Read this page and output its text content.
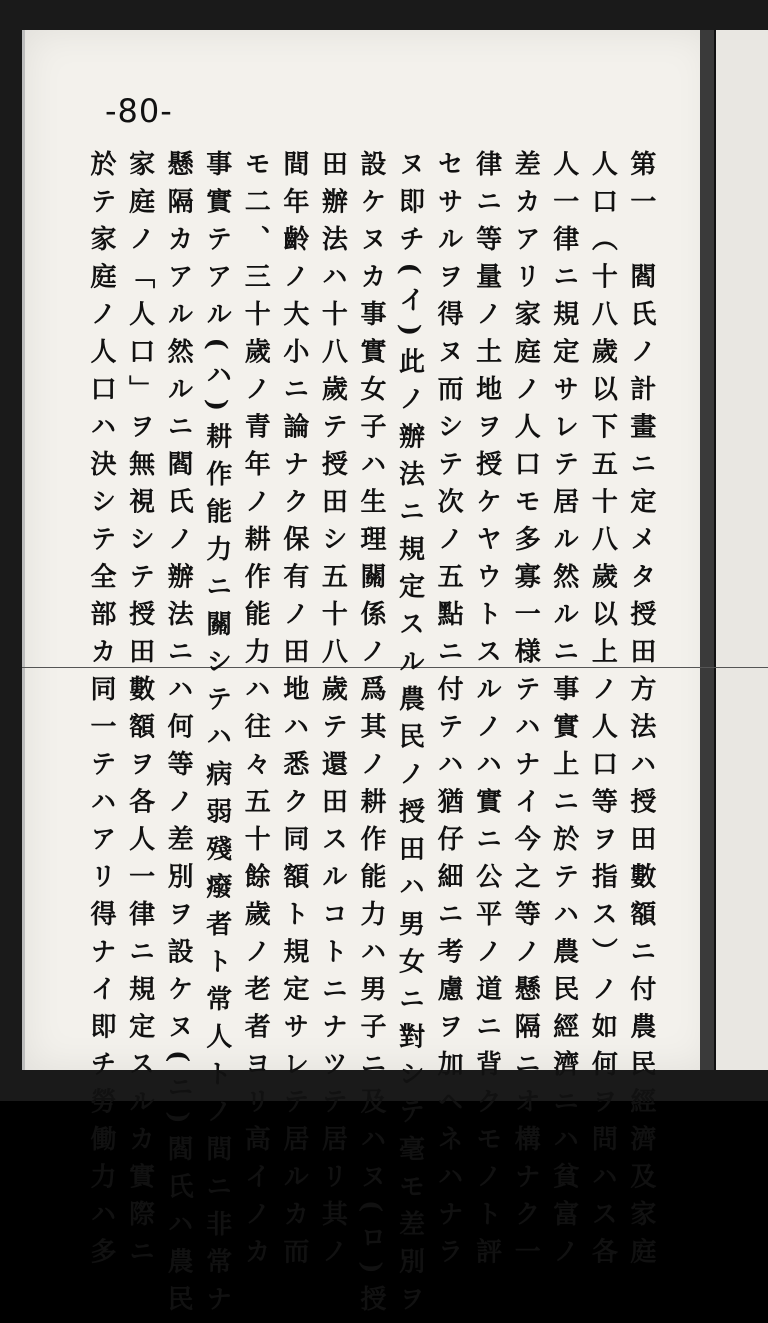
-80-
第一　閻氏ノ計畫ニ定メタ授田方法ハ授田數額ニ付農民經濟及家庭
人口（十八歲以下五十八歲以上ノ人口等ヲ指ス）ノ如何ヲ問ハス各
人一律ニ規定サレテ居ル然ルニ事實上ニ於テハ農民經濟ニハ貧富ノ
差カアリ家庭ノ人口モ多寡一様テハナイ今之等ノ懸隔ニオ構ナク一
律ニ等量ノ土地ヲ授ケヤウトスルノハ實ニ公平ノ道ニ背クモノト評
セサルヲ得ヌ而シテ次ノ五點ニ付テハ猶仔細ニ考慮ヲ加ヘネハナラ
ヌ即チ(イ)此ノ辦法ニ規定スル農民ノ授田ハ男女ニ對シテ毫モ差別ヲ
設ケヌカ事實女子ハ生理關係ノ爲其ノ耕作能力ハ男子ニ及ハヌ(ロ)授
田辦法ハ十八歲テ授田シ五十八歲テ還田スルコトニナツテ居リ其ノ
間年齡ノ大小ニ論ナク保有ノ田地ハ悉ク同額ト規定サレテ居ルカ而
モ二、三十歲ノ青年ノ耕作能力ハ往々五十餘歲ノ老者ヨリ高イノカ
事實テアル(ハ)耕作能力ニ關シテハ病弱殘癈者ト常人トノ間ニ非常ナ
懸隔カアル然ルニ閻氏ノ辦法ニハ何等ノ差別ヲ設ケヌ(ニ)閻氏ハ農民
家庭ノ「人口」ヲ無視シテ授田數額ヲ各人一律ニ規定スルカ實際ニ
於テ家庭ノ人口ハ決シテ全部カ同一テハアリ得ナイ即チ勞働力ハ多
